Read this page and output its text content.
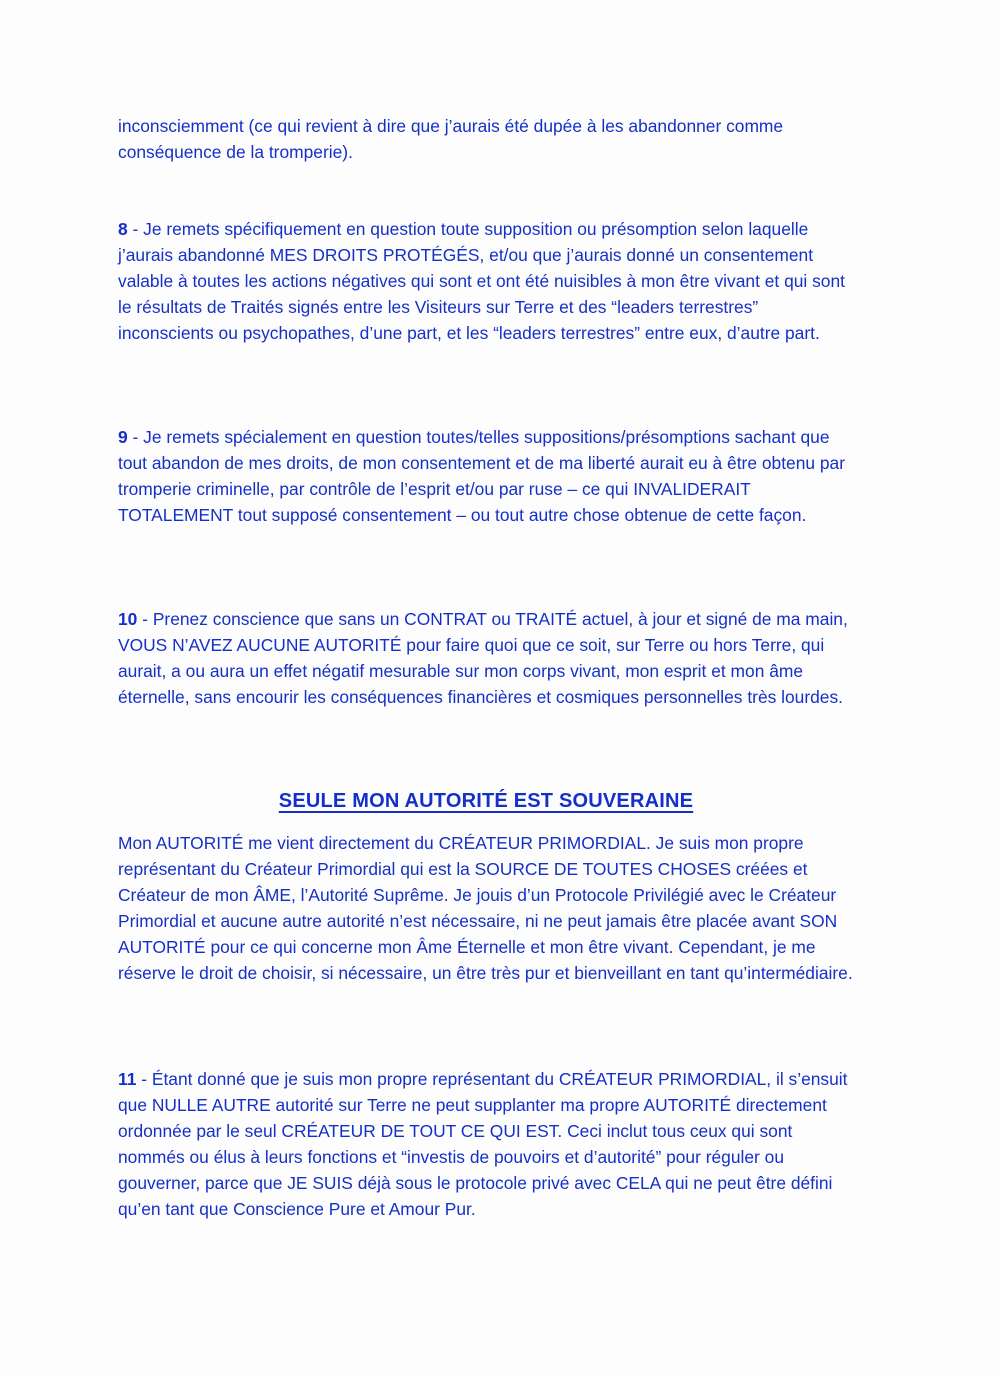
inconsciemment (ce qui revient à dire que j’aurais été dupée à les abandonner comme conséquence de la tromperie).

8 - Je remets spécifiquement en question toute supposition ou présomption selon laquelle j’aurais abandonné MES DROITS PROTÉGÉS, et/ou que j’aurais donné un consentement valable à toutes les actions négatives qui sont et ont été nuisibles à mon être vivant et qui sont le résultats de Traités signés entre les Visiteurs sur Terre et des “leaders terrestres” inconscients ou psychopathes, d’une part, et les “leaders terrestres” entre eux, d’autre part.

9 - Je remets spécialement en question toutes/telles suppositions/présomptions sachant que tout abandon de mes droits, de mon consentement et de ma liberté aurait eu à être obtenu par tromperie criminelle, par contrôle de l’esprit et/ou par ruse – ce qui INVALIDERAIT TOTALEMENT tout supposé consentement – ou tout autre chose obtenue de cette façon.

10 - Prenez conscience que sans un CONTRAT ou TRAITÉ actuel, à jour et signé de ma main, VOUS N’AVEZ AUCUNE AUTORITÉ pour faire quoi que ce soit, sur Terre ou hors Terre, qui aurait, a ou aura un effet négatif mesurable sur mon corps vivant, mon esprit et mon âme éternelle, sans encourir les conséquences financières et cosmiques personnelles très lourdes.

SEULE MON AUTORITÉ EST SOUVERAINE

Mon AUTORITÉ me vient directement du CRÉATEUR PRIMORDIAL. Je suis mon propre représentant du Créateur Primordial qui est la SOURCE DE TOUTES CHOSES créées et Créateur de mon ÂME, l’Autorité Suprême. Je jouis d’un Protocole Privilégié avec le Créateur Primordial et aucune autre autorité n’est nécessaire, ni ne peut jamais être placée avant SON AUTORITÉ pour ce qui concerne mon Âme Éternelle et mon être vivant. Cependant, je me réserve le droit de choisir, si nécessaire, un être très pur et bienveillant en tant qu’intermédiaire.

11 - Étant donné que je suis mon propre représentant du CRÉATEUR PRIMORDIAL, il s’ensuit que NULLE AUTRE autorité sur Terre ne peut supplanter ma propre AUTORITÉ directement ordonnée par le seul CRÉATEUR DE TOUT CE QUI EST. Ceci inclut tous ceux qui sont nommés ou élus à leurs fonctions et “investis de pouvoirs et d’autorité” pour réguler ou gouverner, parce que JE SUIS déjà sous le protocole privé avec CELA qui ne peut être défini qu’en tant que Conscience Pure et Amour Pur.
